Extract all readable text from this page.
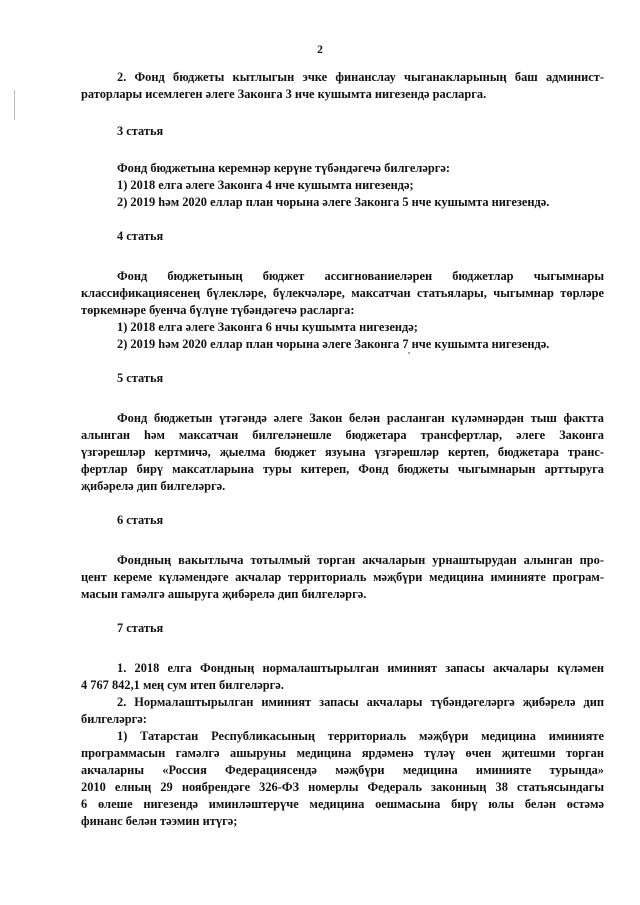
2
2. Фонд бюджеты кытлыгын эчке финанслау чыганакларының баш админист-
раторлары исемлеген әлеге Законга 3 нче кушымта нигезендә расларга.
3 статья
Фонд бюджетына керемнәр керүне түбәндәгечә билгеләргә:
1) 2018 елга әлеге Законга 4 нче кушымта нигезендә;
2) 2019 һәм 2020 еллар план чорына әлеге Законга 5 нче кушымта нигезендә.
4 статья
Фонд бюджетының бюджет ассигнованиеләрен бюджетлар чыгымнары
классификациясенең бүлекләре, бүлекчәләре, максатчан статьялары, чыгымнар төрләре
төркемнәре буенча бүлүне түбәндәгечә расларга:
1) 2018 елга әлеге Законга 6 нчы кушымта нигезендә;
2) 2019 һәм 2020 еллар план чорына әлеге Законга 7 нче кушымта нигезендә.
5 статья
Фонд бюджетын үтәгәндә әлеге Закон белән расланган күләмнәрдән тыш фактта
алынган һәм максатчан билгеләнешле бюджетара трансфертлар, әлеге Законга
үзгәрешләр кертмичә, җыелма бюджет язуына үзгәрешләр кертеп, бюджетара транс-
фертлар бирү максатларына туры китереп, Фонд бюджеты чыгымнарын арттыруга
җибәрелә дип билгеләргә.
6 статья
Фондның вакытлыча тотылмый торган акчаларын урнаштырудан алынган про-
цент кереме күләмендәге акчалар территориаль мәҗбүри медицина иминияте програм-
масын гамәлгә ашыруга җибәрелә дип билгеләргә.
7 статья
1. 2018 елга Фондның нормалаштырылган иминият запасы акчалары күләмен
4 767 842,1 мең сум итеп билгеләргә.
2. Нормалаштырылган иминият запасы акчалары түбәндәгеләргә җибәрелә дип
билгеләргә:
1) Татарстан Республикасының территориаль мәҗбүри медицина иминияте
программасын гамәлгә ашыруны медицина ярдәменә түләү өчен җитешми торган
акчаларны «Россия Федерациясендә мәҗбүри медицина иминияте турында»
2010 елның 29 ноябрендәге 326-ФЗ номерлы Федераль законның 38 статьясындагы
6 өлеше нигезендә иминләштерүче медицина оешмасына бирү юлы белән өстәмә
финанс белән тәэмин итүгә;
